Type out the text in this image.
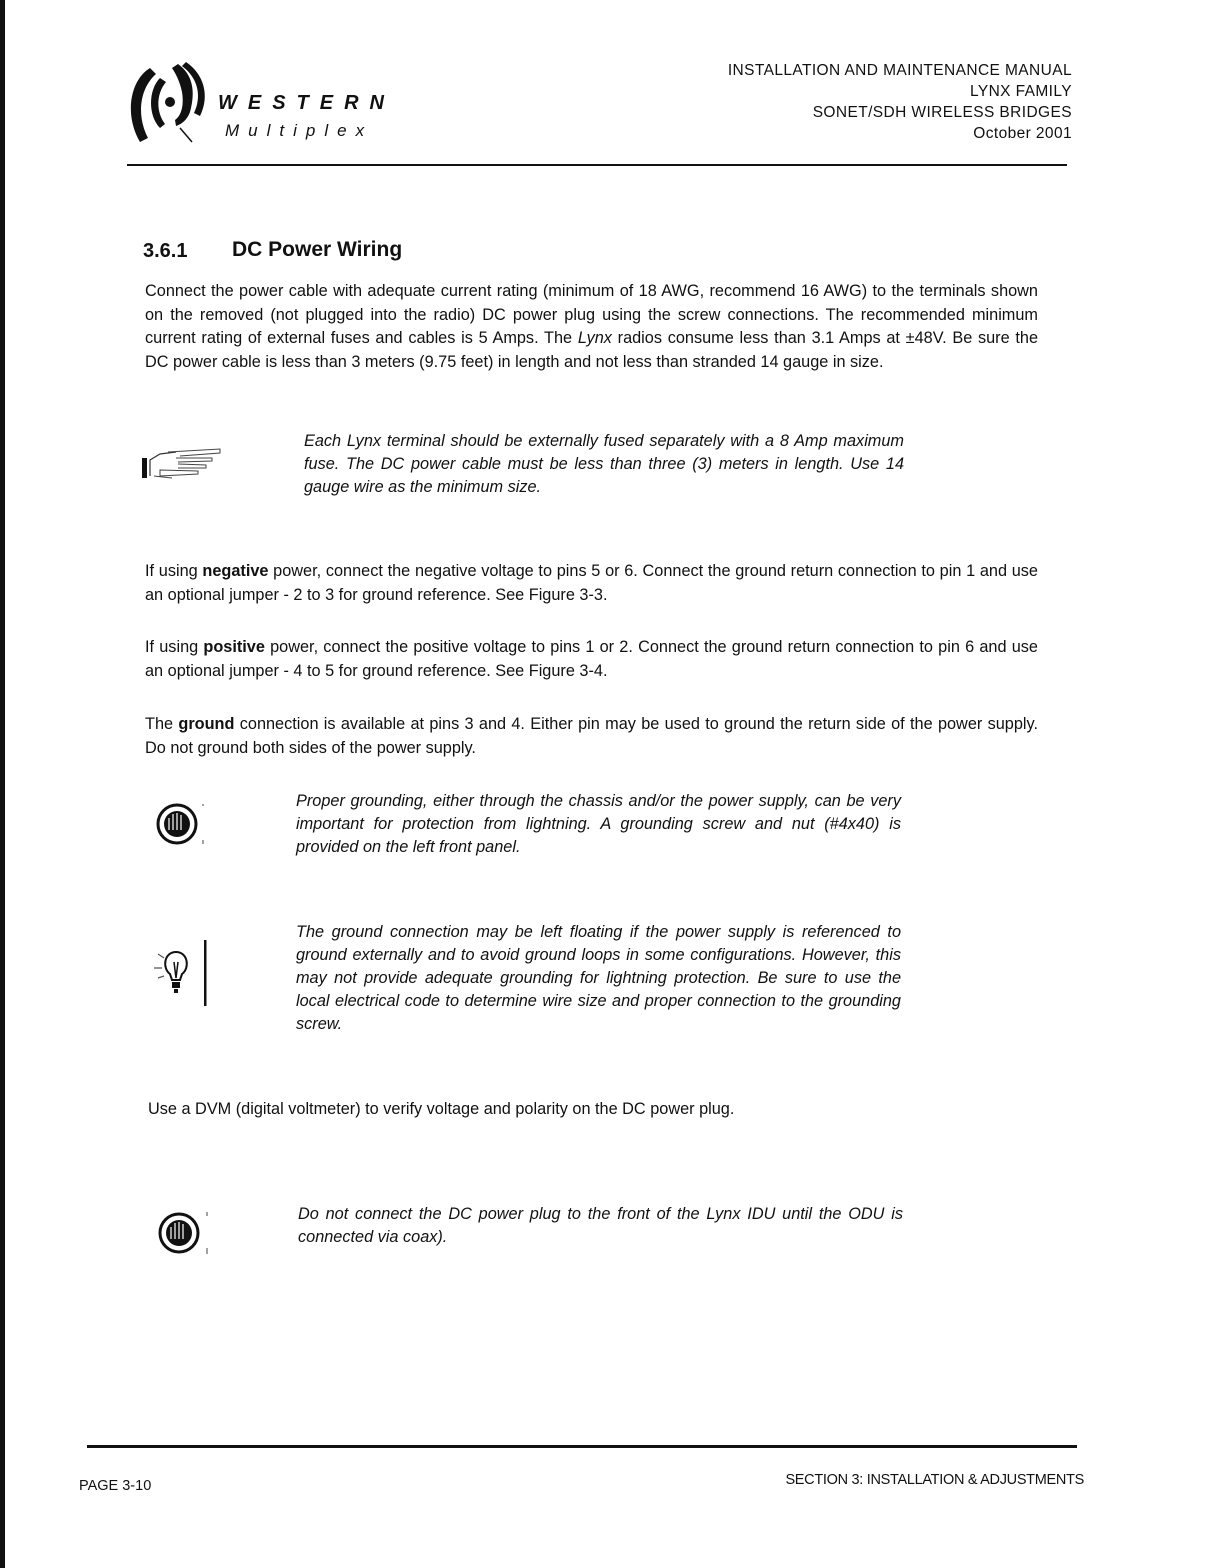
WESTERN
Multiplex
INSTALLATION AND MAINTENANCE MANUAL
LYNX FAMILY
SONET/SDH WIRELESS BRIDGES
October 2001
3.6.1 DC Power Wiring
Connect the power cable with adequate current rating (minimum of 18 AWG, recommend 16 AWG) to the terminals shown on the removed (not plugged into the radio) DC power plug using the screw connections. The recommended minimum current rating of external fuses and cables is 5 Amps. The Lynx radios consume less than 3.1 Amps at ±48V. Be sure the DC power cable is less than 3 meters (9.75 feet) in length and not less than stranded 14 gauge in size.
Each Lynx terminal should be externally fused separately with a 8 Amp maximum fuse. The DC power cable must be less than three (3) meters in length. Use 14 gauge wire as the minimum size.
If using negative power, connect the negative voltage to pins 5 or 6. Connect the ground return connection to pin 1 and use an optional jumper - 2 to 3 for ground reference. See Figure 3-3.
If using positive power, connect the positive voltage to pins 1 or 2. Connect the ground return connection to pin 6 and use an optional jumper - 4 to 5 for ground reference. See Figure 3-4.
The ground connection is available at pins 3 and 4. Either pin may be used to ground the return side of the power supply. Do not ground both sides of the power supply.
Proper grounding, either through the chassis and/or the power supply, can be very important for protection from lightning. A grounding screw and nut (#4x40) is provided on the left front panel.
The ground connection may be left floating if the power supply is referenced to ground externally and to avoid ground loops in some configurations. However, this may not provide adequate grounding for lightning protection. Be sure to use the local electrical code to determine wire size and proper connection to the grounding screw.
Use a DVM (digital voltmeter) to verify voltage and polarity on the DC power plug.
Do not connect the DC power plug to the front of the Lynx IDU until the ODU is connected via coax).
PAGE 3-10	SECTION 3: INSTALLATION & ADJUSTMENTS
